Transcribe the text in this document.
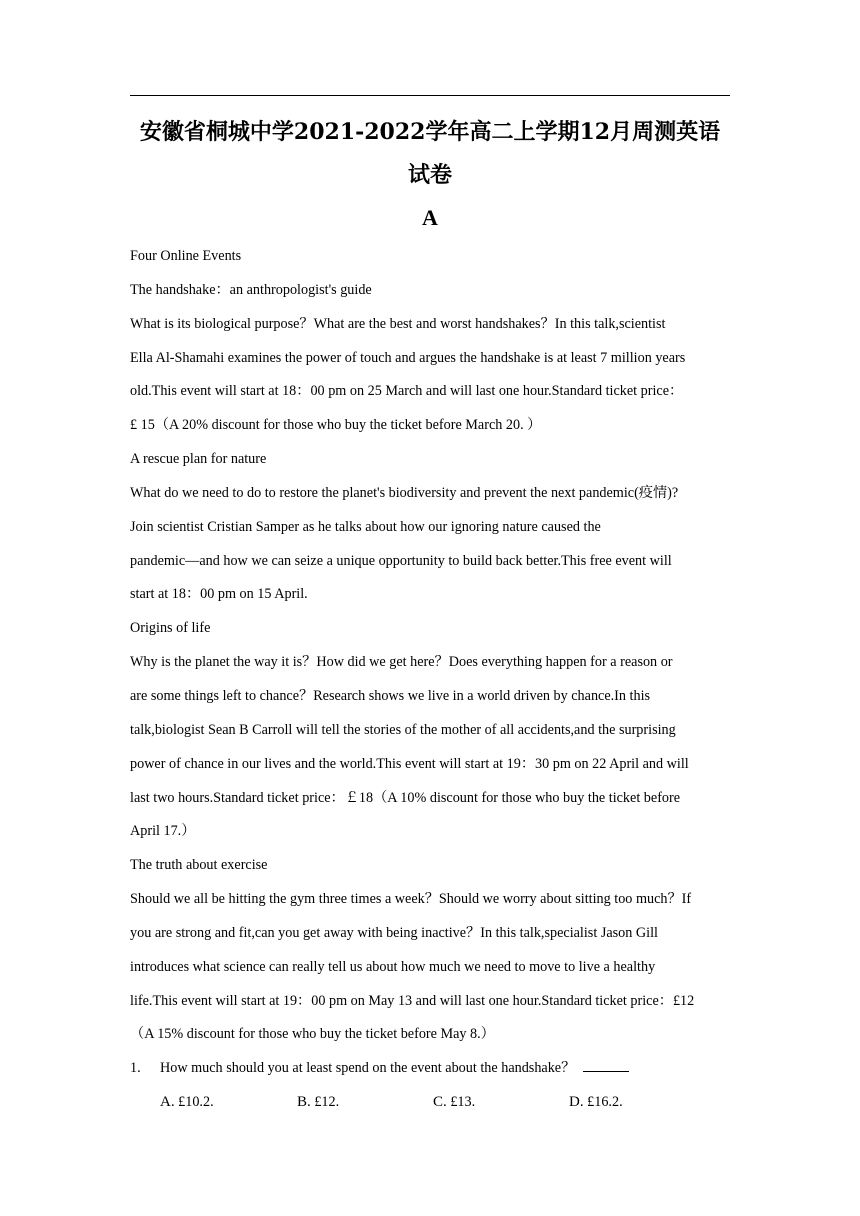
安徽省桐城中学2021-2022学年高二上学期12月周测英语
试卷
A
Four Online Events
The handshake：an anthropologist's guide
What is its biological purpose？What are the best and worst handshakes？In this talk,scientist
Ella Al-Shamahi examines the power of touch and argues the handshake is at least 7 million years
old.This event will start at 18：00 pm on 25 March and will last one hour.Standard ticket price：
£ 15（A 20% discount for those who buy the ticket before March 20. ）
A rescue plan for nature
What do we need to do to restore the planet's biodiversity and prevent the next pandemic(疫情)?
Join scientist Cristian Samper as he talks about how our ignoring nature caused the
pandemic—and how we can seize a unique opportunity to build back better.This free event will
start at 18：00 pm on 15 April.
Origins of life
Why is the planet the way it is？How did we get here？Does everything happen for a reason or
are some things left to chance？Research shows we live in a world driven by chance.In this
talk,biologist Sean B Carroll will tell the stories of the mother of all accidents,and the surprising
power of chance in our lives and the world.This event will start at 19：30 pm on 22 April and will
last two hours.Standard ticket price：￡18（A 10% discount for those who buy the ticket before
April 17.）
The truth about exercise
Should we all be hitting the gym three times a week？Should we worry about sitting too much？If
you are strong and fit,can you get away with being inactive？In this talk,specialist Jason Gill
introduces what science can really tell us about how much we need to move to live a healthy
life.This event will start at 19：00 pm on May 13 and will last one hour.Standard ticket price：£12
（A 15% discount for those who buy the ticket before May 8.）
1. How much should you at least spend on the event about the handshake？
A. £10.2.	B. £12.	C. £13.	D. £16.2.
